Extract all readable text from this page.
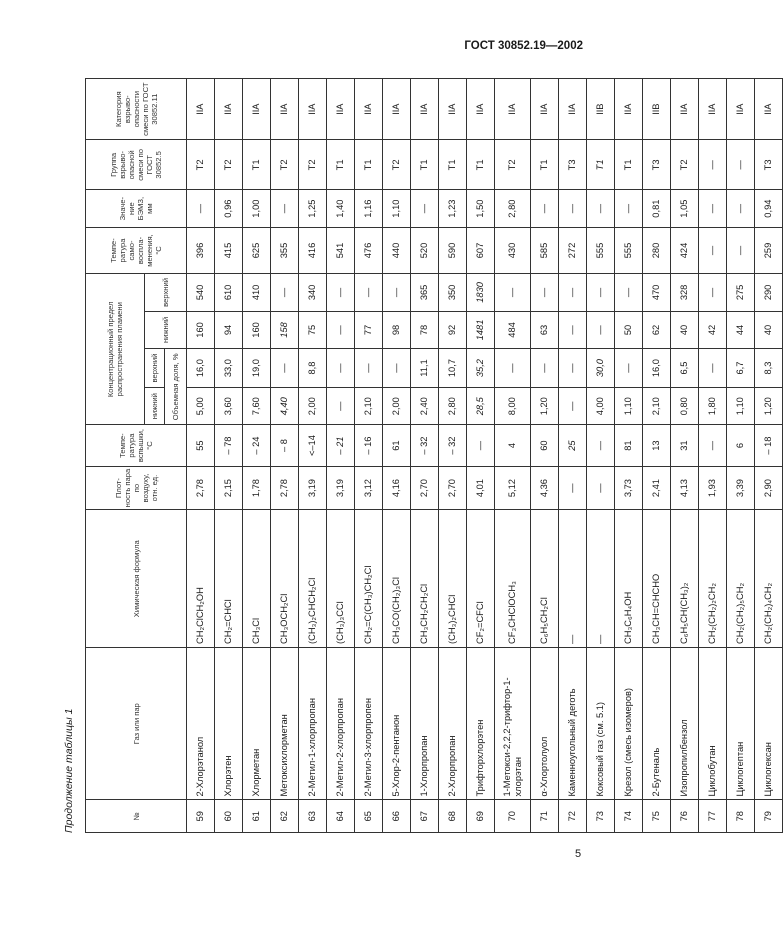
ГОСТ 30852.19—2002
Продолжение таблицы 1	№	Газ или пар	Химическая формула	Плот-ность пара по воздуху, отн. ед.	Темпе-ратура вспышки, °С	Концентрационный предел распространения пламени				Темпе-ратура само-воспла-менения, °С	Значе-ние БЭМЗ, мм	Группа взрыво-опасной смеси по ГОСТ 30852.5	Категория взрыво-опасности смеси по ГОСТ 30852.11
					нижний	верхний	нижний	верхний				
					Объемная доля, %							
59	2-Хлорэтанол	CH₂ClCH₂OH	2,78	55	5,00	16,0	160	540	396	—	T2	IIA
60	Хлорэтен	CH₂=CHCl	2,15	– 78	3,60	33,0	94	610	415	0,96	T2	IIA
61	Хлорметан	CH₃Cl	1,78	– 24	7,60	19,0	160	410	625	1,00	T1	IIA
62	Метоксихлорметан	CH₃OCH₂Cl	2,78	– 8	4,40	—	158	—	355	—	T2	IIA
63	2-Метил-1-хлорпропан	(CH₃)₂CHCH₂Cl	3,19	<–14	2,00	8,8	75	340	416	1,25	T2	IIA
64	2-Метил-2-хлорпропан	(CH₃)₃CCl	3,19	– 21	—	—	—	—	541	1,40	T1	IIA
65	2-Метил-3-хлорпропен	CH₂=C(CH₃)CH₂Cl	3,12	– 16	2,10	—	77	—	476	1,16	T1	IIA
66	5-Хлор-2-пентанон	CH₃CO(CH₂)₃Cl	4,16	61	2,00	—	98	—	440	1,10	T2	IIA
67	1-Хлорпропан	CH₃CH₂CH₂Cl	2,70	– 32	2,40	11,1	78	365	520	—	T1	IIA
68	2-Хлорпропан	(CH₃)₂CHCl	2,70	– 32	2,80	10,7	92	350	590	1,23	T1	IIA
69	Трифторхлорэтен	CF₂=CFCl	4,01	—	28,5	35,2	1481	1830	607	1,50	T1	IIA
70	1-Метокси-2,2,2-трифтор-1-хлорэтан	CF₃CHClOCH₃	5,12	4	8,00	—	484	—	430	2,80	T2	IIA
71	α-Хлортолуол	C₆H₅CH₂Cl	4,36	60	1,20	—	63	—	585	—	T1	IIA
72	Каменноугольный деготь	—	—	25	—	—	—	—	272	—	T3	IIA
73	Коксовый газ (см. 5.1)	—	—	—	4,00	30,0	—	—	555	—	T1	IIB
74	Крезол (смесь изомеров)	CH₃C₆H₄OH	3,73	81	1,10	—	50	—	555	—	T1	IIA
75	2-Бутеналь	CH₃CH=CHCHO	2,41	13	2,10	16,0	62	470	280	0,81	T3	IIB
76	Изопропилбензол	C₆H₅CH(CH₃)₂	4,13	31	0,80	6,5	40	328	424	1,05	T2	IIA
77	Циклобутан	CH₂(CH₂)₂CH₂	1,93	—	1,80	—	42	—	—	—	—	IIA
78	Циклогептан	CH₂(CH₂)₅CH₂	3,39	6	1,10	6,7	44	275	—	—	—	IIA
79	Циклогексан	CH₂(CH₂)₄CH₂	2,90	– 18	1,20	8,3	40	290	259	0,94	T3	IIA
5
